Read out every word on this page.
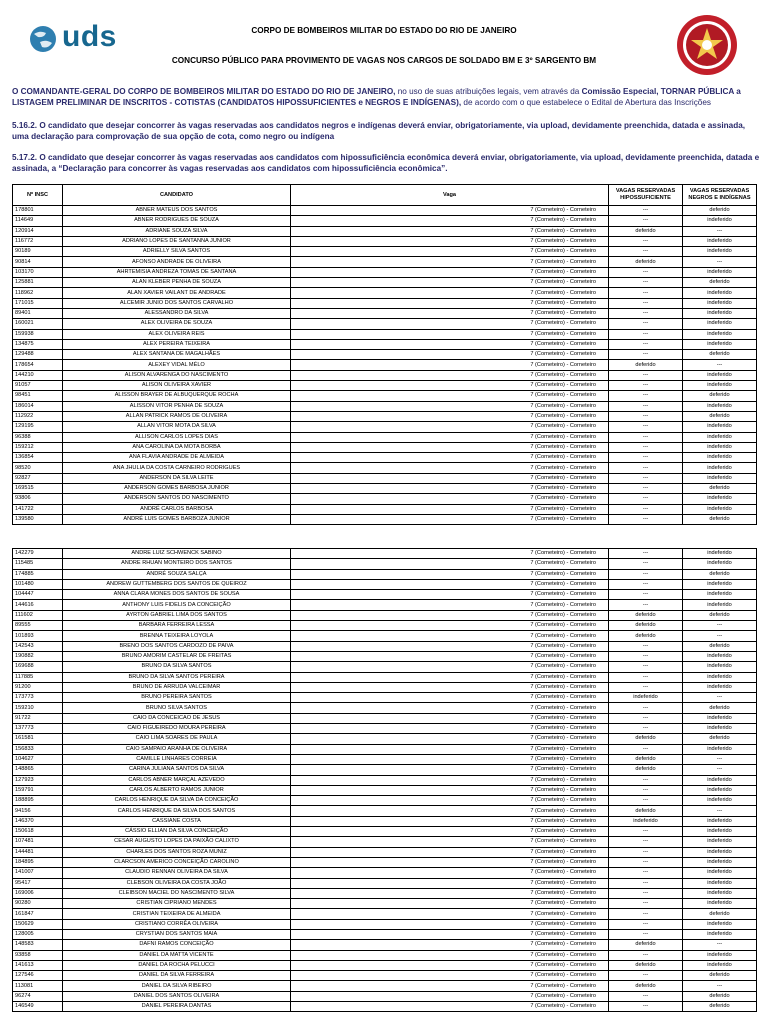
uds	CORPO DE BOMBEIROS MILITAR DO ESTADO DO RIO DE JANEIRO
CONCURSO PÚBLICO PARA PROVIMENTO DE VAGAS NOS CARGOS DE SOLDADO BM E 3º SARGENTO BM
O COMANDANTE-GERAL DO CORPO DE BOMBEIROS MILITAR DO ESTADO DO RIO DE JANEIRO, no uso de suas atribuições legais, vem através da Comissão Especial, TORNAR PÚBLICA a LISTAGEM PRELIMINAR DE INSCRITOS - COTISTAS (CANDIDATOS HIPOSSUFICIENTES e NEGROS E INDÍGENAS), de acordo com o que estabelece o Edital de Abertura das Inscrições
5.16.2. O candidato que desejar concorrer às vagas reservadas aos candidatos negros e indígenas deverá enviar, obrigatoriamente, via upload, devidamente preenchida, datada e assinada, uma declaração para comprovação de sua opção de cota, como negro ou indígena
5.17.2. O candidato que desejar concorrer às vagas reservadas aos candidatos com hipossuficiência econômica deverá enviar, obrigatoriamente, via upload, devidamente preenchida, datada e assinada, a “Declaração para concorrer às vagas reservadas aos candidatos com hipossuficiência econômica”.
Nº INSC	CANDIDATO	Vaga	VAGAS RESERVADAS HIPOSSUFICIENTE	VAGAS RESERVADAS NEGROS E INDÍGENAS
178801	ABNER MATEUS DOS SANTOS	7 (Corneteiro) - Corneteiro	---	deferido
114649	ABNER RODRIGUES DE SOUZA	7 (Corneteiro) - Corneteiro	---	indeferido
120914	ADRIANE SOUZA SILVA	7 (Corneteiro) - Corneteiro	deferido	---
116772	ADRIANO LOPES DE SANTANNA JUNIOR	7 (Corneteiro) - Corneteiro	---	indeferido
90189	ADRIELLY SILVA SANTOS	7 (Corneteiro) - Corneteiro	---	indeferido
90814	AFONSO ANDRADE DE OLIVEIRA	7 (Corneteiro) - Corneteiro	deferido	---
103170	AHRTEMISIA ANDREZA TOMAS DE SANTANA	7 (Corneteiro) - Corneteiro	---	indeferido
125881	ALAN KLEBER PENHA DE SOUZA	7 (Corneteiro) - Corneteiro	---	deferido
118962	ALAN XAVIER VAILANT DE ANDRADE	7 (Corneteiro) - Corneteiro	---	indeferido
171015	ALCEMIR JUNIO DOS SANTOS CARVALHO	7 (Corneteiro) - Corneteiro	---	indeferido
89401	ALESSANDRO DA SILVA	7 (Corneteiro) - Corneteiro	---	indeferido
160021	ALEX OLIVEIRA DE SOUZA	7 (Corneteiro) - Corneteiro	---	indeferido
159938	ALEX OLIVEIRA REIS	7 (Corneteiro) - Corneteiro	---	indeferido
134875	ALEX PEREIRA TEIXEIRA	7 (Corneteiro) - Corneteiro	---	indeferido
129488	ALEX SANTANA DE MAGALHÃES	7 (Corneteiro) - Corneteiro	---	deferido
178654	ALEXEY VIDAL MÉLO	7 (Corneteiro) - Corneteiro	deferido	---
144210	ALISON ALVARENGA DO NASCIMENTO	7 (Corneteiro) - Corneteiro	---	indeferido
91057	ALISON OLIVEIRA XAVIER	7 (Corneteiro) - Corneteiro	---	indeferido
98451	ALISSON BRAYER DE ALBUQUERQUE ROCHA	7 (Corneteiro) - Corneteiro	---	deferido
186014	ALISSON VITOR PENHA DE SOUZA	7 (Corneteiro) - Corneteiro	---	indeferido
112922	ALLAN PATRICK RAMOS DE OLIVEIRA	7 (Corneteiro) - Corneteiro	---	deferido
129195	ALLAN VITOR MOTA DA SILVA	7 (Corneteiro) - Corneteiro	---	indeferido
96388	ALLISON CARLOS LOPES DIAS	7 (Corneteiro) - Corneteiro	---	indeferido
159212	ANA CAROLINA DA MOTA BORBA	7 (Corneteiro) - Corneteiro	---	indeferido
136854	ANA FLAVIA ANDRADE DE ALMEIDA	7 (Corneteiro) - Corneteiro	---	indeferido
98520	ANA JHULIA DA COSTA CARNEIRO RODRIGUES	7 (Corneteiro) - Corneteiro	---	indeferido
92827	ANDERSON DA SILVA LEITE	7 (Corneteiro) - Corneteiro	---	indeferido
169515	ANDERSON GOMES BARBOSA JUNIOR	7 (Corneteiro) - Corneteiro	---	deferido
93806	ANDERSON SANTOS DO NASCIMENTO	7 (Corneteiro) - Corneteiro	---	indeferido
141722	ANDRÉ CARLOS BARBOSA	7 (Corneteiro) - Corneteiro	---	indeferido
139580	ANDRÉ LUIS GOMES BARBOZA JUNIOR	7 (Corneteiro) - Corneteiro	---	deferido
142279	ANDRE LUIZ SCHWENCK SABINO	7 (Corneteiro) - Corneteiro	---	indeferido
115485	ANDRE RHUAN MONTEIRO DOS SANTOS	7 (Corneteiro) - Corneteiro	---	indeferido
174885	ANDRÉ SOUZA SALÇA	7 (Corneteiro) - Corneteiro	---	deferido
101480	ANDREW GUTTEMBERG DOS SANTOS DE QUEIROZ	7 (Corneteiro) - Corneteiro	---	indeferido
104447	ANNA CLARA MONES DOS SANTOS DE SOUSA	7 (Corneteiro) - Corneteiro	---	indeferido
144616	ANTHONY LUIS FIDELIS DA CONCEIÇÃO	7 (Corneteiro) - Corneteiro	---	indeferido
111602	AYRTON GABRIEL LIMA DOS SANTOS	7 (Corneteiro) - Corneteiro	deferido	deferido
89555	BARBARA FERREIRA LESSA	7 (Corneteiro) - Corneteiro	deferido	---
101893	BRENNA TEIXEIRA LOYOLA	7 (Corneteiro) - Corneteiro	deferido	---
142543	BRENO DOS SANTOS CARDOZO DE PAIVA	7 (Corneteiro) - Corneteiro	---	deferido
190882	BRUNO AMORIM CASTELAR DE FREITAS	7 (Corneteiro) - Corneteiro	---	indeferido
169688	BRUNO DA SILVA SANTOS	7 (Corneteiro) - Corneteiro	---	indeferido
117885	BRUNO DA SILVA SANTOS PEREIRA	7 (Corneteiro) - Corneteiro	---	indeferido
91200	BRUNO DE ARRUDA VALCEIMAR	7 (Corneteiro) - Corneteiro	---	indeferido
173773	BRUNO PEREIRA SANTOS	7 (Corneteiro) - Corneteiro	indeferido	---
159210	BRUNO SILVA SANTOS	7 (Corneteiro) - Corneteiro	---	deferido
91722	CAIO DA CONCEICAO DE JESUS	7 (Corneteiro) - Corneteiro	---	indeferido
137773	CAIO FIGUEIREDO MOURA PEREIRA	7 (Corneteiro) - Corneteiro	---	indeferido
161581	CAIO LIMA SOARES DE PAULA	7 (Corneteiro) - Corneteiro	deferido	deferido
156833	CAIO SAMPAIO ARANHA DE OLIVEIRA	7 (Corneteiro) - Corneteiro	---	indeferido
104627	CAMILLE LINHARES CORREIA	7 (Corneteiro) - Corneteiro	deferido	---
148865	CARINA JULIANA SANTOS DA SILVA	7 (Corneteiro) - Corneteiro	deferido	---
127923	CARLOS ABNER MARÇAL AZEVEDO	7 (Corneteiro) - Corneteiro	---	indeferido
159791	CARLOS ALBERTO RAMOS JUNIOR	7 (Corneteiro) - Corneteiro	---	indeferido
188895	CARLOS HENRIQUE DA SILVA DA CONCEIÇÃO	7 (Corneteiro) - Corneteiro	---	indeferido
94156	CARLOS HENRIQUE DA SILVA DOS SANTOS	7 (Corneteiro) - Corneteiro	deferido	---
146370	CASSIANE COSTA	7 (Corneteiro) - Corneteiro	indeferido	indeferido
150618	CÁSSIO ELLIAN DA SILVA CONCEIÇÃO	7 (Corneteiro) - Corneteiro	---	indeferido
107481	CESAR AUGUSTO LOPES DA PAIXÃO CALIXTO	7 (Corneteiro) - Corneteiro	---	indeferido
144481	CHARLES DOS SANTOS ROZA MUNIZ	7 (Corneteiro) - Corneteiro	---	indeferido
184895	CLARCSON AMERICO CONCEIÇÃO CAROLINO	7 (Corneteiro) - Corneteiro	---	indeferido
141007	CLAUDIO RENNAN OLIVEIRA DA SILVA	7 (Corneteiro) - Corneteiro	---	indeferido
95417	CLEBSON OLIVEIRA DA COSTA JOÃO	7 (Corneteiro) - Corneteiro	---	indeferido
169006	CLEIBSON MACIEL DO NASCIMENTO SILVA	7 (Corneteiro) - Corneteiro	---	indeferido
90280	CRISTIAN CIPRIANO MENDES	7 (Corneteiro) - Corneteiro	---	indeferido
161847	CRISTIAN TEIXEIRA DE ALMEIDA	7 (Corneteiro) - Corneteiro	---	deferido
150629	CRISTIANO CORRÊA OLIVEIRA	7 (Corneteiro) - Corneteiro	---	indeferido
128005	CRYSTIAN DOS SANTOS MAIA	7 (Corneteiro) - Corneteiro	---	indeferido
148583	DAFNI RAMOS CONCEIÇÃO	7 (Corneteiro) - Corneteiro	deferido	---
93858	DANIEL DA MATTA VICENTE	7 (Corneteiro) - Corneteiro	---	indeferido
141613	DANIEL DA ROCHA PELUCCI	7 (Corneteiro) - Corneteiro	deferido	indeferido
127546	DANIEL DA SILVA FERREIRA	7 (Corneteiro) - Corneteiro	---	deferido
113081	DANIEL DA SILVA RIBEIRO	7 (Corneteiro) - Corneteiro	deferido	---
96274	DANIEL DOS SANTOS OLIVEIRA	7 (Corneteiro) - Corneteiro	---	deferido
146549	DANIEL PEREIRA DANTAS	7 (Corneteiro) - Corneteiro	---	deferido
